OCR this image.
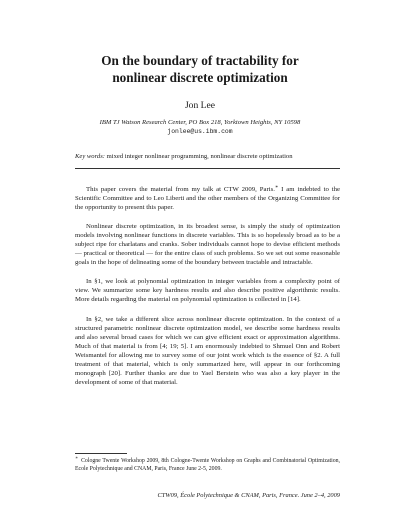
On the boundary of tractability for
nonlinear discrete optimization
Jon Lee
IBM TJ Watson Research Center, PO Box 218, Yorktown Heights, NY 10598
jonlee@us.ibm.com
Key words: mixed integer nonlinear programming, nonlinear discrete optimization

This paper covers the material from my talk at CTW 2009, Paris.∗ I am indebted to the Scientific Committee and to Leo Liberti and the other members of the Organizing Committee for the opportunity to present this paper.

Nonlinear discrete optimization, in its broadest sense, is simply the study of optimization models involving nonlinear functions in discrete variables. This is so hopelessly broad as to be a subject ripe for charlatans and cranks. Sober individuals cannot hope to devise efficient methods — practical or theoretical — for the entire class of such problems. So we set out some reasonable goals in the hope of delineating some of the boundary between tractable and intractable.

In §1, we look at polynomial optimization in integer variables from a complexity point of view. We summarize some key hardness results and also describe positive algorithmic results. More details regarding the material on polynomial optimization is collected in [14].

In §2, we take a different slice across nonlinear discrete optimization. In the context of a structured parametric nonlinear discrete optimization model, we describe some hardness results and also several broad cases for which we can give efficient exact or approximation algorithms. Much of that material is from [4; 19; 5]. I am enormously indebted to Shmuel Onn and Robert Weismantel for allowing me to survey some of our joint work which is the essence of §2. A full treatment of that material, which is only summarized here, will appear in our forthcoming monograph [20]. Further thanks are due to Yael Berstein who was also a key player in the development of some of that material.

∗Cologne Twente Workshop 2009, 8th Cologne-Twente Workshop on Graphs and Combinatorial Optimization, Ecole Polytechnique and CNAM, Paris, France June 2-5, 2009.
CTW09, École Polytechnique & CNAM, Paris, France. June 2–4, 2009
